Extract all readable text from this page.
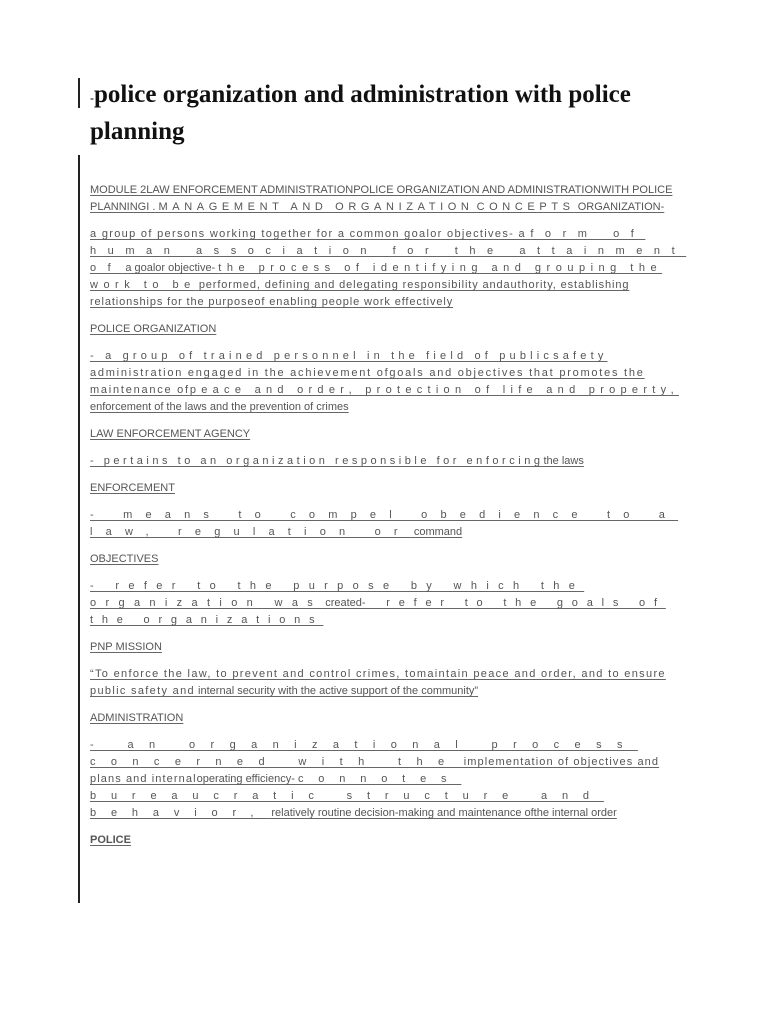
-police organization and administration with police planning

MODULE 2LAW ENFORCEMENT ADMINISTRATIONPOLICE ORGANIZATION AND ADMINISTRATIONWITH POLICE PLANNINGI . MANAGEMENT AND ORGANIZATION CONCEPTS ORGANIZATION-

a group of persons working together for a common goalor objectives- a form of human association for the attainment of a goalor objective- the process of identifying and grouping the work to be performed, defining and delegating responsibility andauthority, establishing relationships for the purposeof enabling people work effectively

POLICE ORGANIZATION

- a group of trained personnel in the field of publicsafety administration engaged in the achievement ofgoals and objectives that promotes the maintenance ofpeace and order, protection of life and property, enforcement of the laws and the prevention of crimes

LAW ENFORCEMENT AGENCY

- pertains to an organization responsible for enforcingthe laws

ENFORCEMENT

- means to compel obedience to a law, regulation or command

OBJECTIVES

- refer to the purpose by which the organization was created- refer to the goals of the organizations

PNP MISSION

“To enforce the law, to prevent and control crimes, tomaintain peace and order, and to ensure public safety and internal security with the active support of the community”

ADMINISTRATION

- an organizational process concerned with the implementation of objectives and plans and internaloperating efficiency- connotes bureaucratic structure and behavior, relatively routine decision-making and maintenance ofthe internal order

POLICE
